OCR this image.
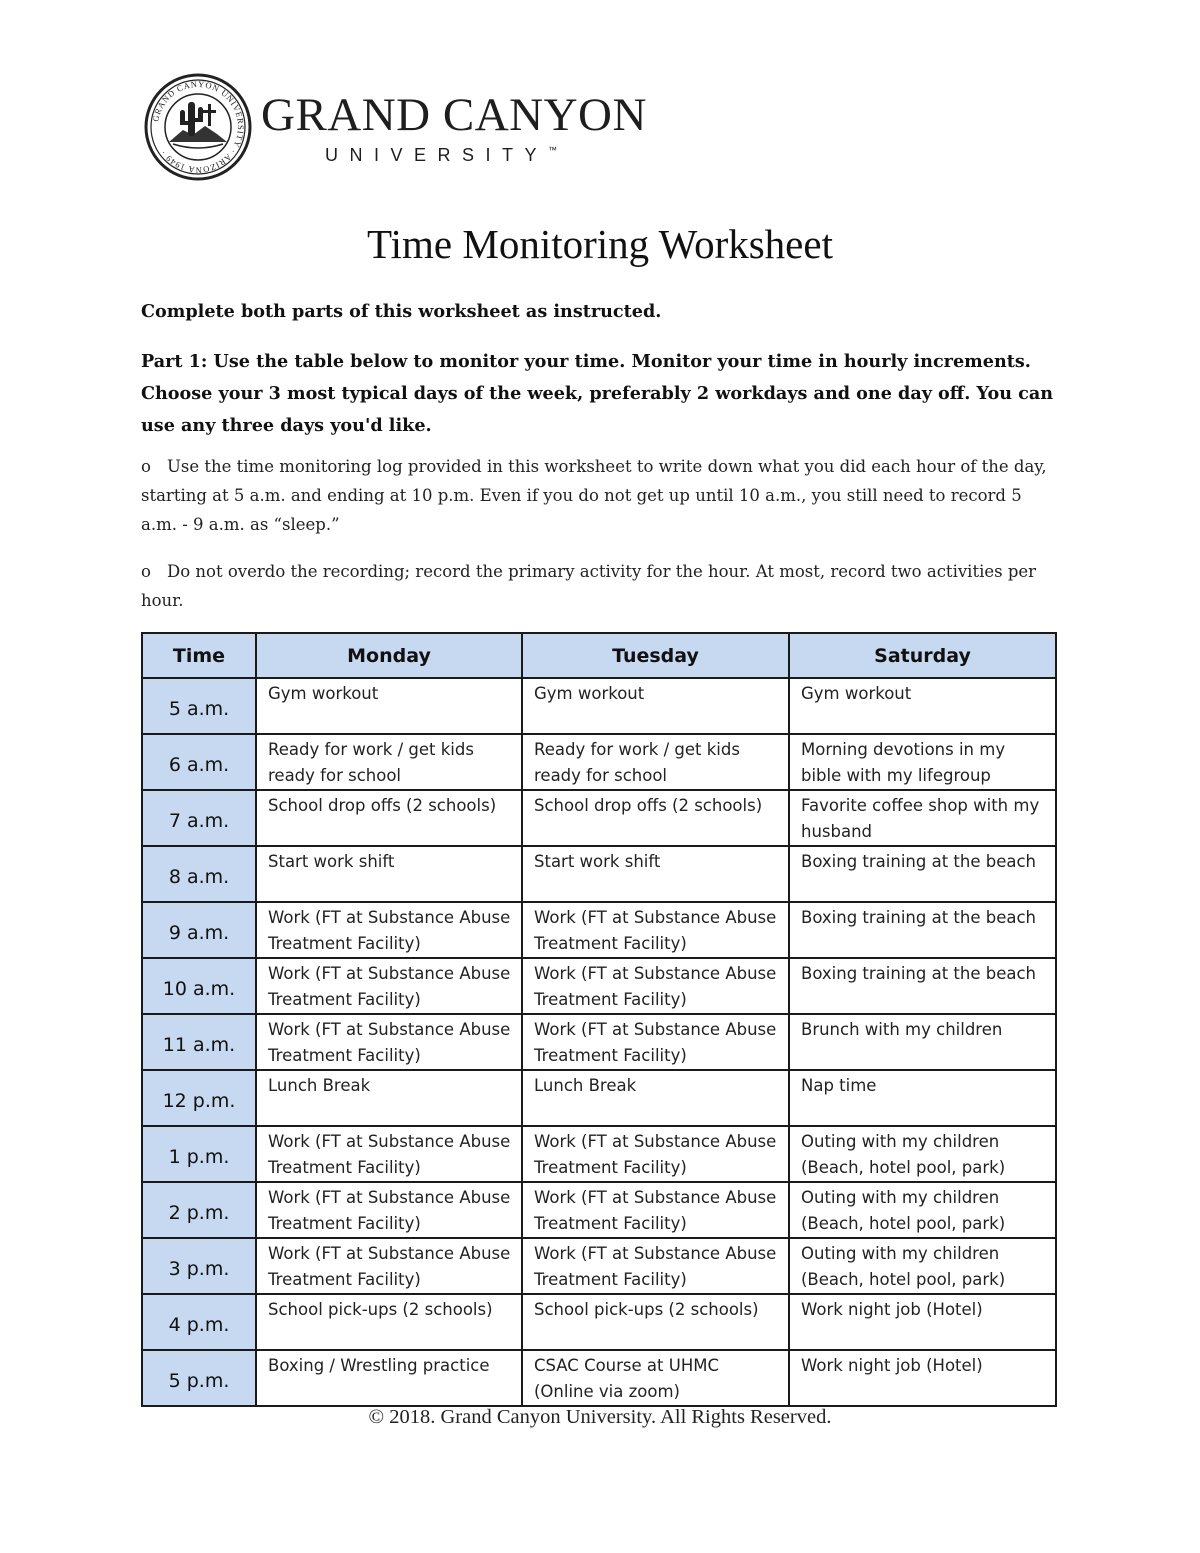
GRAND CANYON UNIVERSITY · ARIZONA 1949 ·
GRAND CANYON
UNIVERSITY™
Time Monitoring Worksheet
Complete both parts of this worksheet as instructed.
Part 1: Use the table below to monitor your time. Monitor your time in hourly increments. Choose your 3 most typical days of the week, preferably 2 workdays and one day off. You can use any three days you'd like.
o Use the time monitoring log provided in this worksheet to write down what you did each hour of the day, starting at 5 a.m. and ending at 10 p.m. Even if you do not get up until 10 a.m., you still need to record 5 a.m. - 9 a.m. as “sleep.”
o Do not overdo the recording; record the primary activity for the hour. At most, record two activities per hour.
Time	Monday	Tuesday	Saturday
5 a.m.	Gym workout	Gym workout	Gym workout
6 a.m.	Ready for work / get kids ready for school	Ready for work / get kids ready for school	Morning devotions in my bible with my lifegroup
7 a.m.	School drop offs (2 schools)	School drop offs (2 schools)	Favorite coffee shop with my husband
8 a.m.	Start work shift	Start work shift	Boxing training at the beach
9 a.m.	Work (FT at Substance Abuse Treatment Facility)	Work (FT at Substance Abuse Treatment Facility)	Boxing training at the beach
10 a.m.	Work (FT at Substance Abuse Treatment Facility)	Work (FT at Substance Abuse Treatment Facility)	Boxing training at the beach
11 a.m.	Work (FT at Substance Abuse Treatment Facility)	Work (FT at Substance Abuse Treatment Facility)	Brunch with my children
12 p.m.	Lunch Break	Lunch Break	Nap time
1 p.m.	Work (FT at Substance Abuse Treatment Facility)	Work (FT at Substance Abuse Treatment Facility)	Outing with my children (Beach, hotel pool, park)
2 p.m.	Work (FT at Substance Abuse Treatment Facility)	Work (FT at Substance Abuse Treatment Facility)	Outing with my children (Beach, hotel pool, park)
3 p.m.	Work (FT at Substance Abuse Treatment Facility)	Work (FT at Substance Abuse Treatment Facility)	Outing with my children (Beach, hotel pool, park)
4 p.m.	School pick-ups (2 schools)	School pick-ups (2 schools)	Work night job (Hotel)
5 p.m.	Boxing / Wrestling practice	CSAC Course at UHMC (Online via zoom)	Work night job (Hotel)
© 2018. Grand Canyon University. All Rights Reserved.
